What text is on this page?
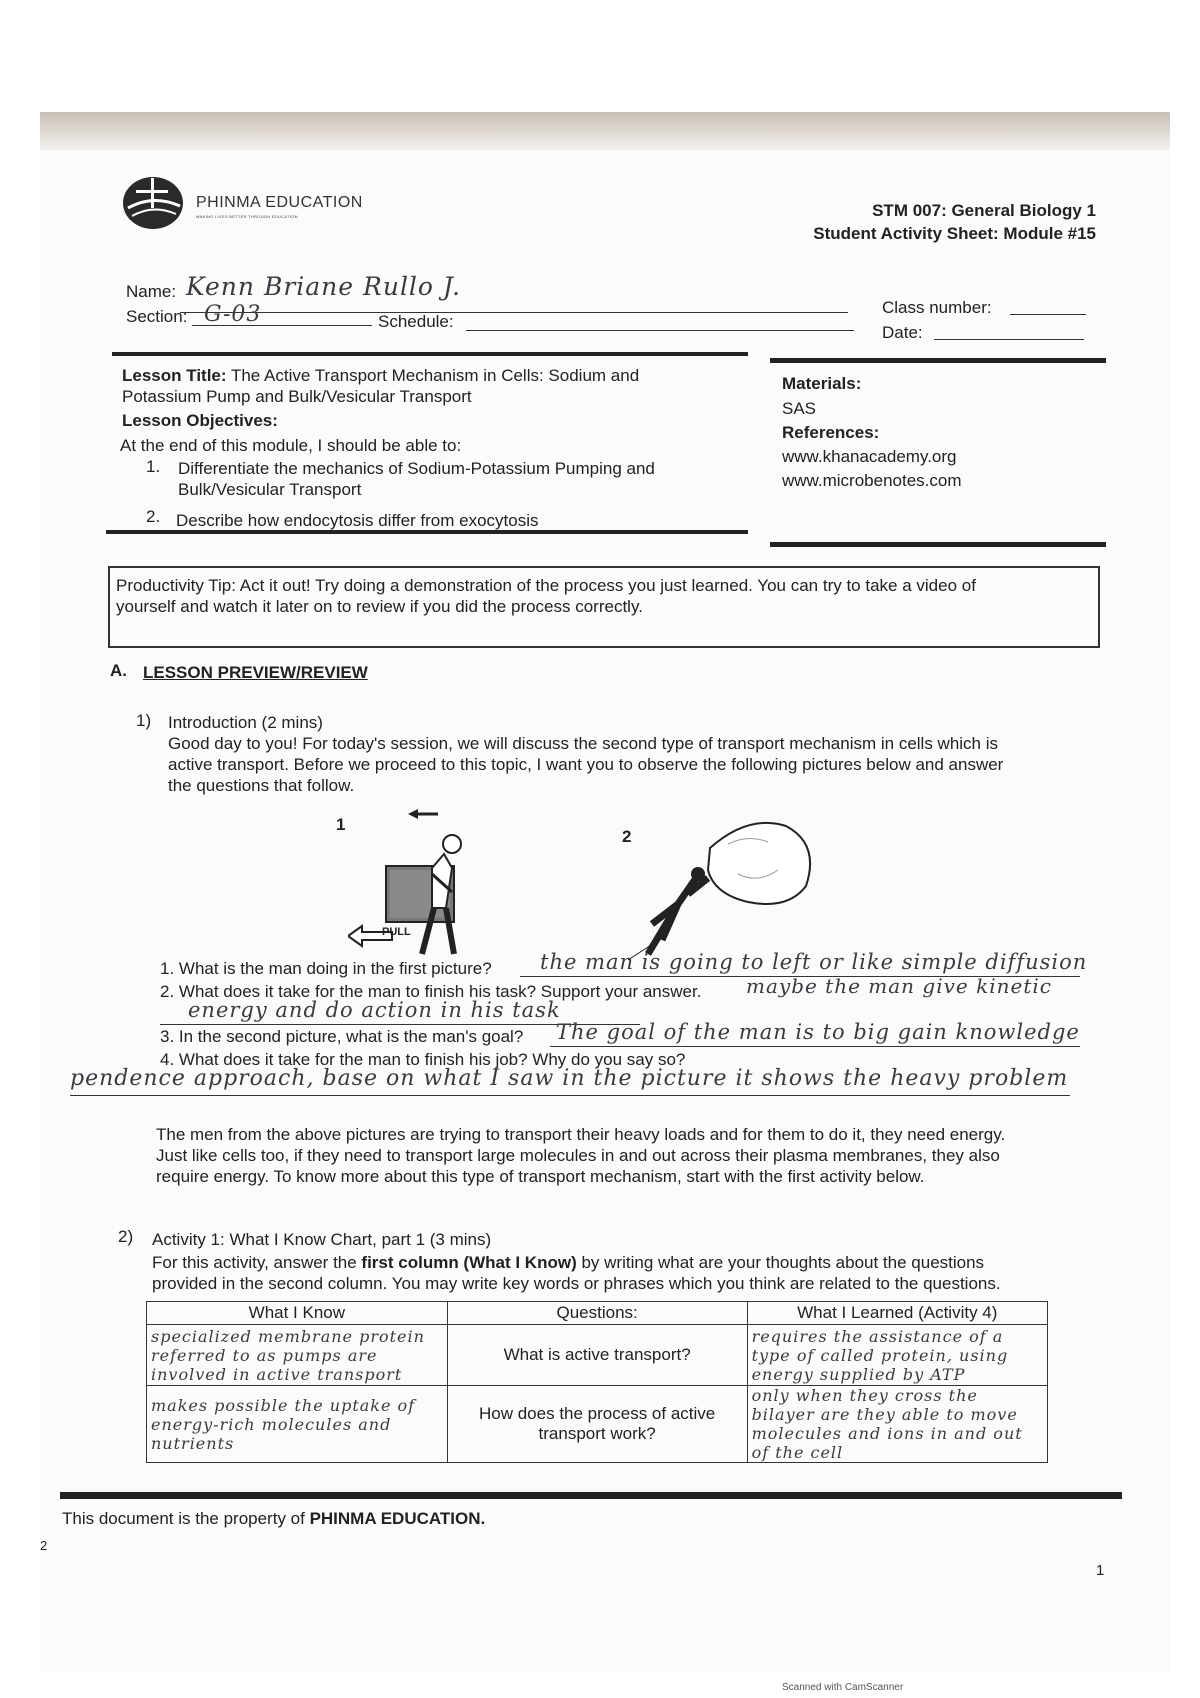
PHINMA EDUCATION
MAKING LIVES BETTER THROUGH EDUCATION	STM 007: General Biology 1
Student Activity Sheet: Module #15
Name: Kenn Briane Rullo J.
Section: G-03	Schedule:
Class number:
Date:
Lesson Title: The Active Transport Mechanism in Cells: Sodium and
Potassium Pump and Bulk/Vesicular Transport
Lesson Objectives:
At the end of this module, I should be able to:
1. Differentiate the mechanics of Sodium-Potassium Pumping and
Bulk/Vesicular Transport
2. Describe how endocytosis differ from exocytosis
Materials:
SAS
References:
www.khanacademy.org
www.microbenotes.com
Productivity Tip: Act it out! Try doing a demonstration of the process you just learned. You can try to take a video of
yourself and watch it later on to review if you did the process correctly.
A. LESSON PREVIEW/REVIEW
1) Introduction (2 mins)
Good day to you! For today's session, we will discuss the second type of transport mechanism in cells which is
active transport. Before we proceed to this topic, I want you to observe the following pictures below and answer
the questions that follow.
1
PULL
2
1. What is the man doing in the first picture? the man is going to left or like simple diffusion
2. What does it take for the man to finish his task? Support your answer. maybe the man give kinetic
energy and do action in his task
3. In the second picture, what is the man's goal? The goal of the man is to big gain knowledge
4. What does it take for the man to finish his job? Why do you say so?
pendence approach, base on what I saw in the picture it shows the heavy problem
The men from the above pictures are trying to transport their heavy loads and for them to do it, they need energy.
Just like cells too, if they need to transport large molecules in and out across their plasma membranes, they also
require energy. To know more about this type of transport mechanism, start with the first activity below.
2) Activity 1: What I Know Chart, part 1 (3 mins)
For this activity, answer the first column (What I Know) by writing what are your thoughts about the questions
provided in the second column. You may write key words or phrases which you think are related to the questions.
What I Know	Questions:	What I Learned (Activity 4)
specialized membrane protein referred to as pumps are involved in active transport	What is active transport?	requires the assistance of a type of called protein, using energy supplied by ATP
makes possible the uptake of energy-rich molecules and nutrients	How does the process of active transport work?	only when they cross the bilayer are they able to move molecules and ions in and out of the cell
This document is the property of PHINMA EDUCATION.
2
1
Scanned with CamScanner
